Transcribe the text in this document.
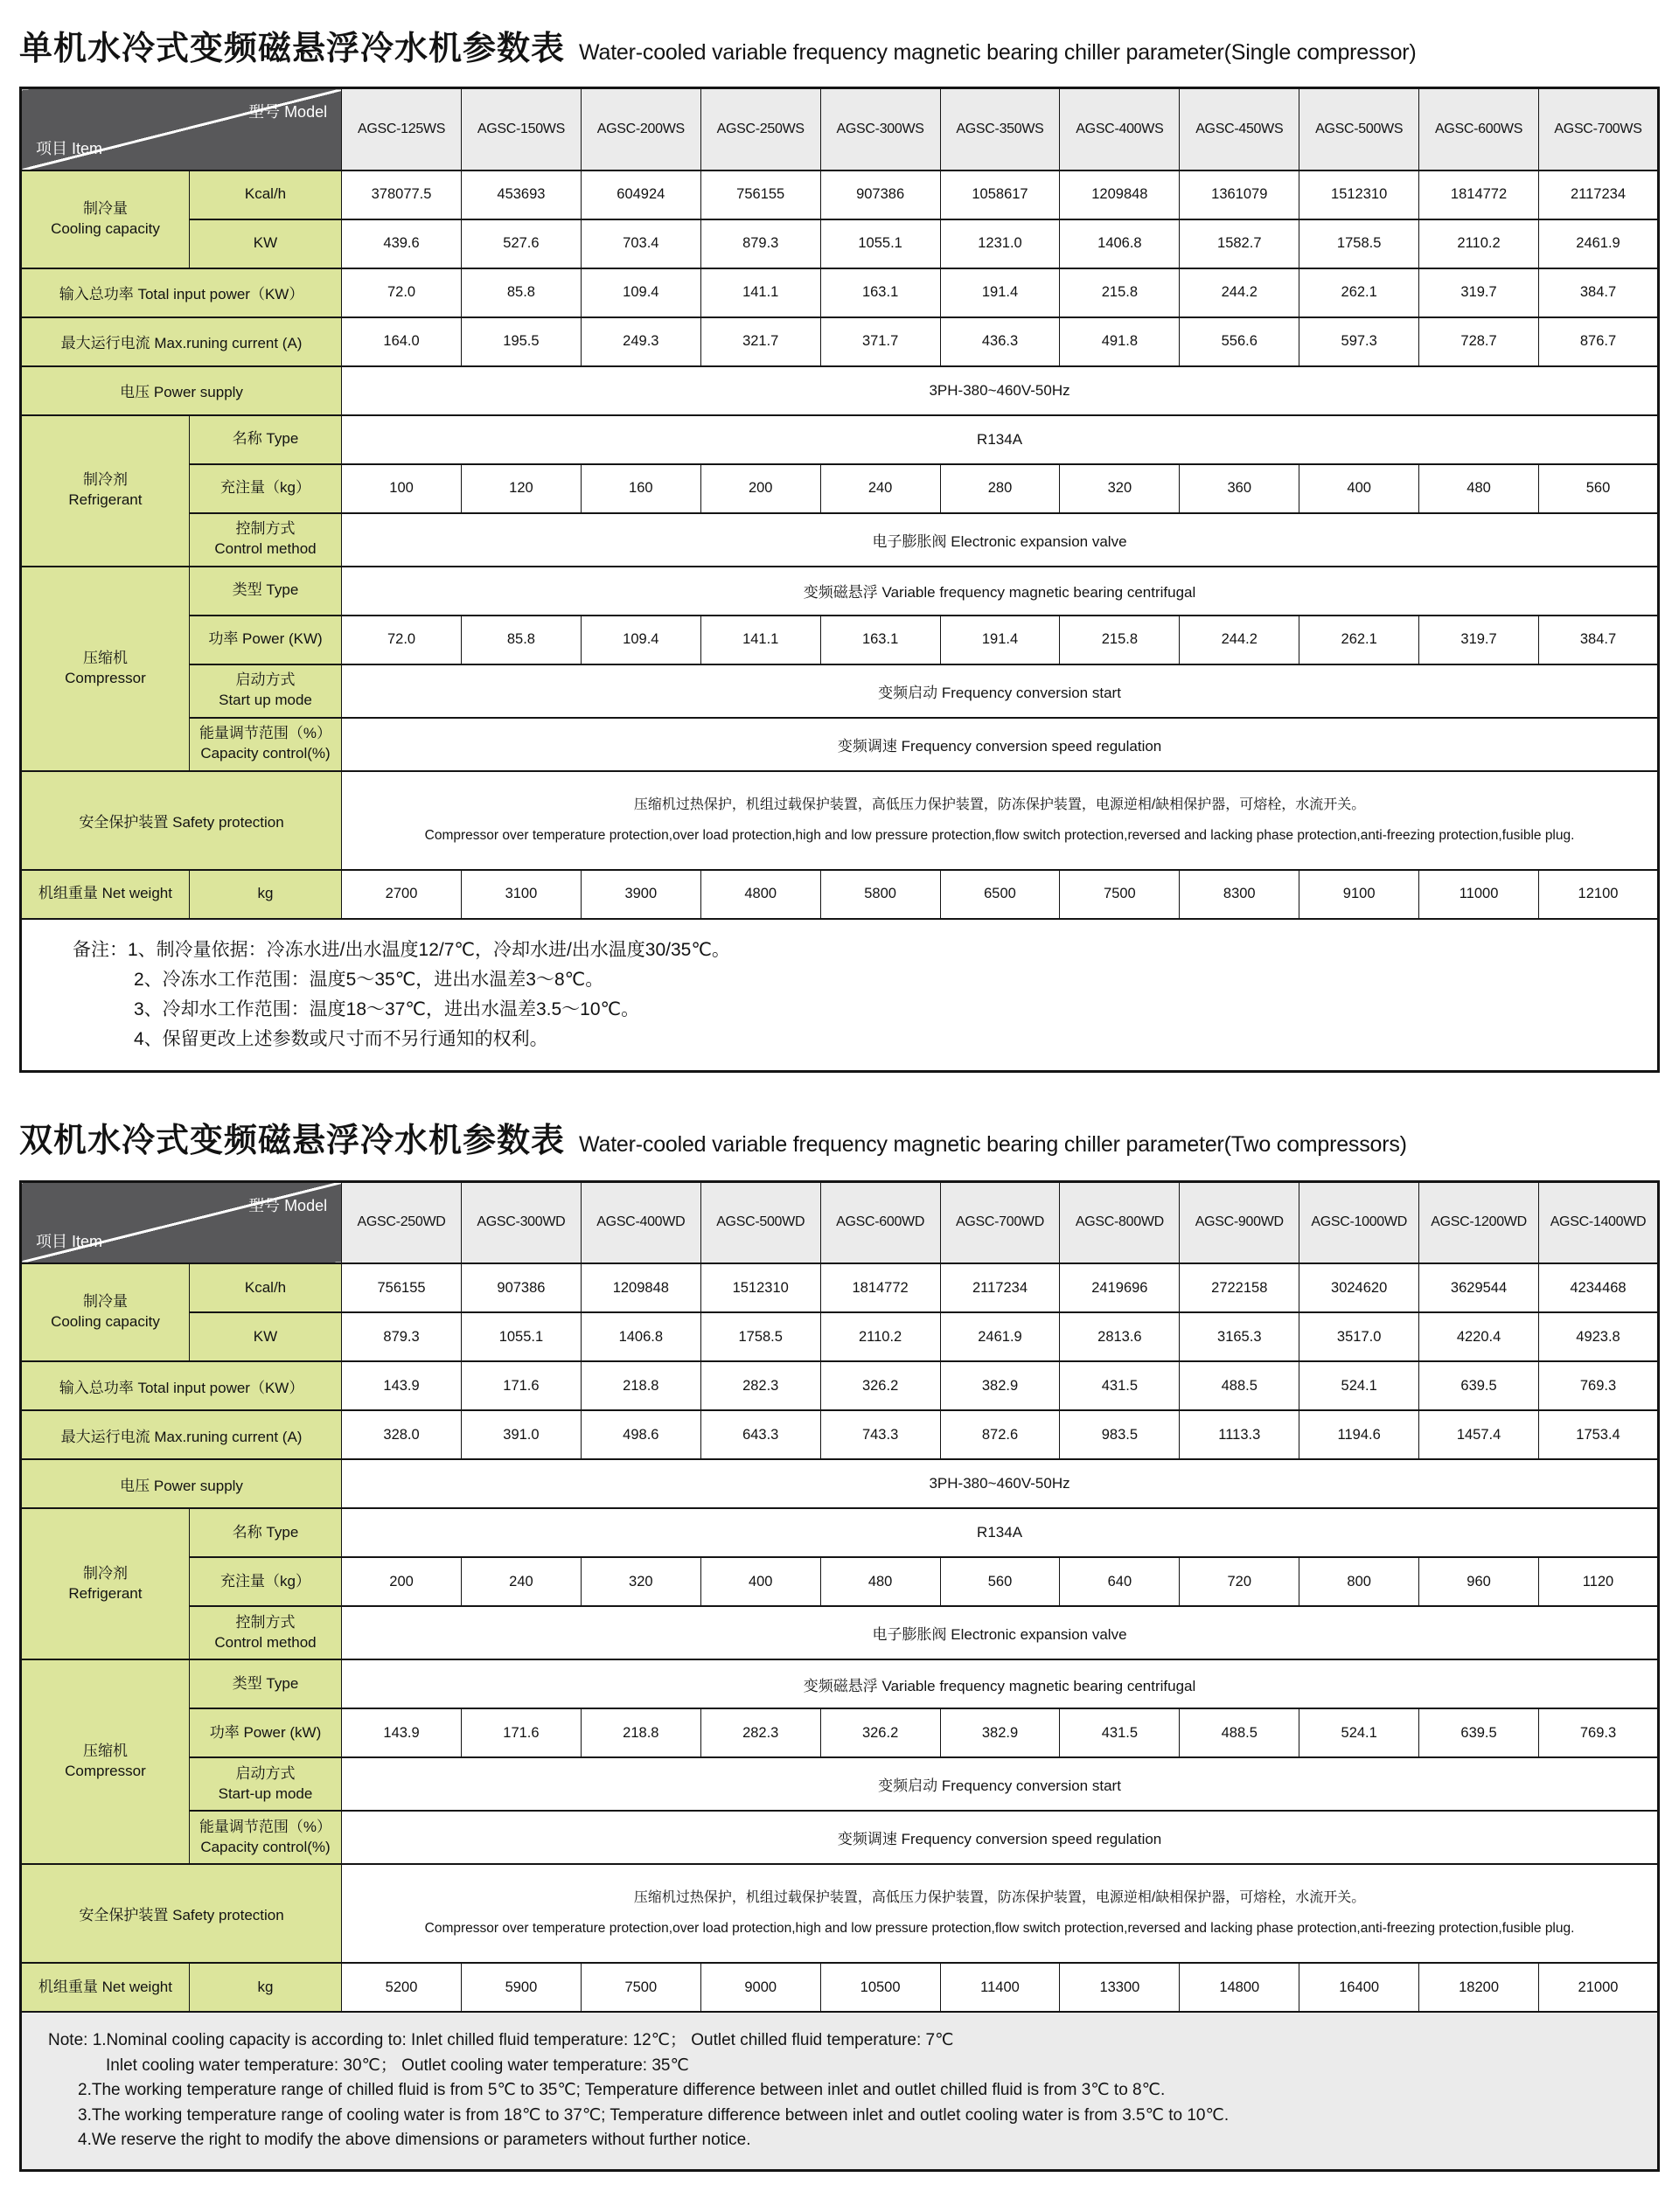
单机水冷式变频磁悬浮冷水机参数表 Water-cooled variable frequency magnetic bearing chiller parameter(Single compressor)
型号 Model
项目 Item		AGSC-125WS	AGSC-150WS	AGSC-200WS	AGSC-250WS	AGSC-300WS	AGSC-350WS	AGSC-400WS	AGSC-450WS	AGSC-500WS	AGSC-600WS	AGSC-700WS

制冷量
Cooling capacity	Kcal/h	378077.5	453693	604924	756155	907386	1058617	1209848	1361079	1512310	1814772	2117234

	KW	439.6	527.6	703.4	879.3	1055.1	1231.0	1406.8	1582.7	1758.5	2110.2	2461.9
输入总功率 Total input power（KW）		72.0	85.8	109.4	141.1	163.1	191.4	215.8	244.2	262.1	319.7	384.7
最大运行电流 Max.runing current (A)		164.0	195.5	249.3	321.7	371.7	436.3	491.8	556.6	597.3	728.7	876.7
电压 Power supply		3PH-380~460V-50Hz										

制冷剂
Refrigerant	名称 Type	R134A										

	充注量（kg）	100	120	160	200	240	280	320	360	400	480	560

	控制方式
Control method	电子膨胀阀 Electronic expansion valve										

压缩机
Compressor	类型 Type	变频磁悬浮 Variable frequency magnetic bearing centrifugal										

	功率 Power (KW)	72.0	85.8	109.4	141.1	163.1	191.4	215.8	244.2	262.1	319.7	384.7

	启动方式
Start up mode	变频启动 Frequency conversion start										

	能量调节范围（%）
Capacity control(%)	变频调速 Frequency conversion speed regulation										
安全保护装置 Safety protection		压缩机过热保护，机组过载保护装置，高低压力保护装置，防冻保护装置，电源逆相/缺相保护器，可熔栓，水流开关。
Compressor over temperature protection,over load protection,high and low pressure protection,flow switch protection,reversed and lacking phase protection,anti-freezing protection,fusible plug.										

机组重量 Net weight	kg	2700	3100	3900	4800	5800	6500	7500	8300	9100	11000	12100

备注：1、制冷量依据：冷冻水进/出水温度12/7℃，冷却水进/出水温度30/35℃。
2、冷冻水工作范围：温度5～35℃，进出水温差3～8℃。
3、冷却水工作范围：温度18～37℃，进出水温差3.5～10℃。
4、保留更改上述参数或尺寸而不另行通知的权利。												
双机水冷式变频磁悬浮冷水机参数表 Water-cooled variable frequency magnetic bearing chiller parameter(Two compressors)
型号 Model
项目 Item		AGSC-250WD	AGSC-300WD	AGSC-400WD	AGSC-500WD	AGSC-600WD	AGSC-700WD	AGSC-800WD	AGSC-900WD	AGSC-1000WD	AGSC-1200WD	AGSC-1400WD

制冷量
Cooling capacity	Kcal/h	756155	907386	1209848	1512310	1814772	2117234	2419696	2722158	3024620	3629544	4234468

	KW	879.3	1055.1	1406.8	1758.5	2110.2	2461.9	2813.6	3165.3	3517.0	4220.4	4923.8
输入总功率 Total input power（KW）		143.9	171.6	218.8	282.3	326.2	382.9	431.5	488.5	524.1	639.5	769.3
最大运行电流 Max.runing current (A)		328.0	391.0	498.6	643.3	743.3	872.6	983.5	1113.3	1194.6	1457.4	1753.4
电压 Power supply		3PH-380~460V-50Hz										

制冷剂
Refrigerant	名称 Type	R134A										

	充注量（kg）	200	240	320	400	480	560	640	720	800	960	1120

	控制方式
Control method	电子膨胀阀 Electronic expansion valve										

压缩机
Compressor	类型 Type	变频磁悬浮 Variable frequency magnetic bearing centrifugal										

	功率 Power (kW)	143.9	171.6	218.8	282.3	326.2	382.9	431.5	488.5	524.1	639.5	769.3

	启动方式
Start-up mode	变频启动 Frequency conversion start										

	能量调节范围（%）
Capacity control(%)	变频调速 Frequency conversion speed regulation										
安全保护装置 Safety protection		压缩机过热保护，机组过载保护装置，高低压力保护装置，防冻保护装置，电源逆相/缺相保护器，可熔栓，水流开关。
Compressor over temperature protection,over load protection,high and low pressure protection,flow switch protection,reversed and lacking phase protection,anti-freezing protection,fusible plug.										

机组重量 Net weight	kg	5200	5900	7500	9000	10500	11400	13300	14800	16400	18200	21000

Note: 1.Nominal cooling capacity is according to: Inlet chilled fluid temperature: 12℃； Outlet chilled fluid temperature: 7℃
Inlet cooling water temperature: 30℃； Outlet cooling water temperature: 35℃
2.The working temperature range of chilled fluid is from 5℃ to 35℃; Temperature difference between inlet and outlet chilled fluid is from 3℃ to 8℃.
3.The working temperature range of cooling water is from 18℃ to 37℃; Temperature difference between inlet and outlet cooling water is from 3.5℃ to 10℃.
4.We reserve the right to modify the above dimensions or parameters without further notice.												
